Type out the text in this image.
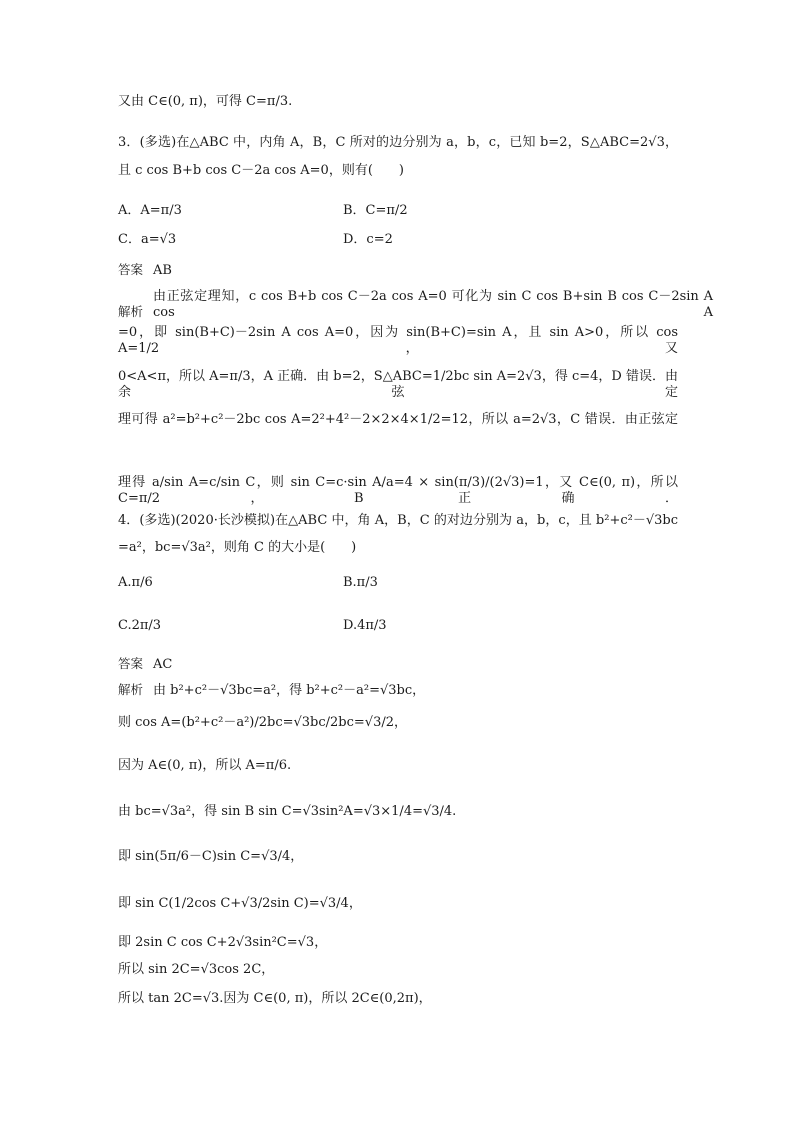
又由 C∈(0, π)，可得 C=π/3.
3．(多选)在△ABC 中，内角 A，B，C 所对的边分别为 a，b，c，已知 b=2，S△ABC=2√3，
且 c cos B+b cos C－2a cos A=0，则有(　　)
A．A=π/3
C．a=√3
答案 AB
解析由正弦定理知，c cos B+b cos C－2a cos A=0 可化为 sin C cos B+sin B cos C－2sin A cos A
=0，即 sin(B+C)－2sin A cos A=0，因为 sin(B+C)=sin A，且 sin A>0，所以 cos A=1/2，又
0<A<π，所以 A=π/3，A 正确．由 b=2，S△ABC=1/2bc sin A=2√3，得 c=4，D 错误．由余弦定
理可得 a²=b²+c²－2bc cos A=2²+4²－2×2×4×1/2=12，所以 a=2√3，C 错误．由正弦定
理得 a/sin A=c/sin C，则 sin C=c·sin A/a=4 × sin(π/3)/(2√3)=1，又 C∈(0, π)，所以 C=π/2，B 正确．
4．(多选)(2020·长沙模拟)在△ABC 中，角 A，B，C 的对边分别为 a，b，c，且 b²+c²－√3bc
=a²，bc=√3a²，则角 C 的大小是(　　)
A.π/6
C.2π/3
答案 AC
解析 由 b²+c²－√3bc=a²，得 b²+c²－a²=√3bc，
则 cos A=(b²+c²－a²)/2bc=√3bc/2bc=√3/2，
因为 A∈(0, π)，所以 A=π/6.
由 bc=√3a²，得 sin B sin C=√3sin²A=√3×1/4=√3/4.
即 sin(5π/6－C)sin C=√3/4，
即 sin C(1/2cos C+√3/2sin C)=√3/4，
即 2sin C cos C+2√3sin²C=√3，
所以 sin 2C=√3cos 2C，
所以 tan 2C=√3.因为 C∈(0, π)，所以 2C∈(0,2π)，
B．C=π/2
D．c=2
B.π/3
D.4π/3
